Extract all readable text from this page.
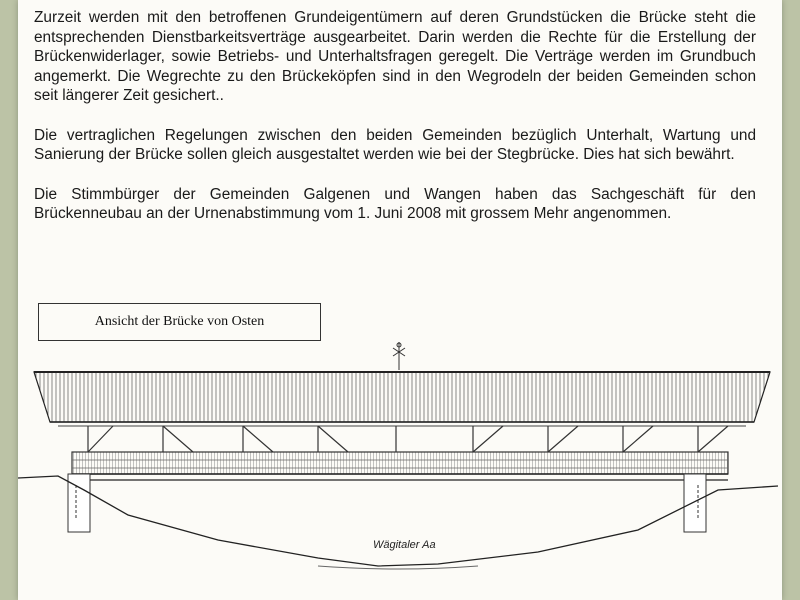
Zurzeit werden mit den betroffenen Grundeigentümern auf deren Grundstücken die Brücke steht die entsprechenden Dienstbarkeitsverträge ausgearbeitet. Darin werden die Rechte für die Erstellung der Brückenwiderlager, sowie Betriebs- und Unterhaltsfragen geregelt. Die Verträge werden im Grundbuch angemerkt. Die Wegrechte zu den Brückeköpfen sind in den Wegrodeln der beiden Gemeinden schon seit längerer Zeit gesichert..

Die vertraglichen Regelungen zwischen den beiden Gemeinden bezüglich Unterhalt, Wartung und Sanierung der Brücke sollen gleich ausgestaltet werden wie bei der Stegbrücke. Dies hat sich bewährt.

Die Stimmbürger der Gemeinden Galgenen und Wangen haben das Sachgeschäft für den Brückenneubau an der Urnenabstimmung vom 1. Juni 2008 mit grossem Mehr angenommen.

Ansicht der Brücke von Osten
Wägitaler Aa
